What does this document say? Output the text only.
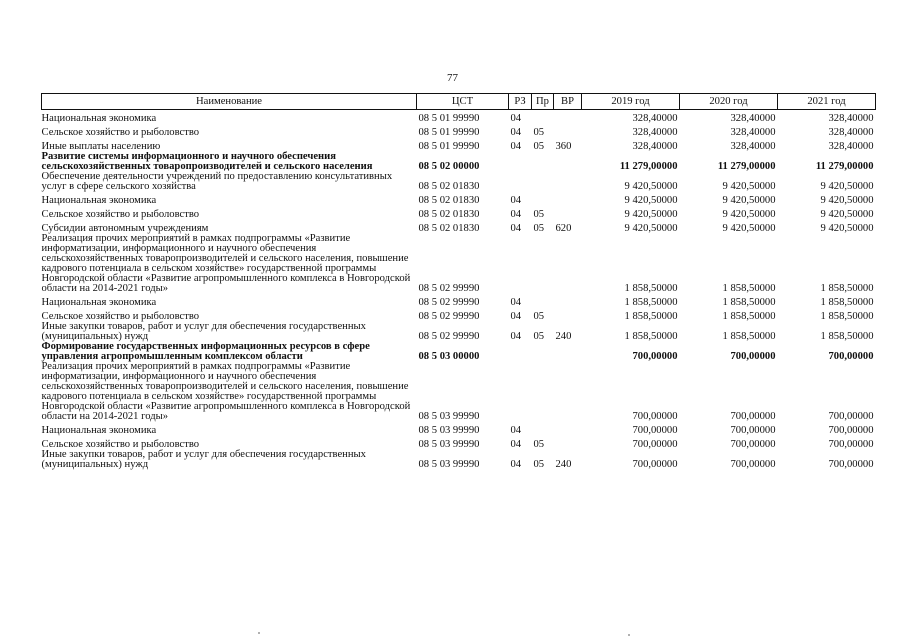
77
Наименование	ЦСТ	РЗ	Пр	ВР	2019 год	2020 год	2021 год
Национальная экономика	08 5 01 99990	04			328,40000	328,40000	328,40000
Сельское хозяйство и рыболовство	08 5 01 99990	04	05		328,40000	328,40000	328,40000
Иные выплаты населению	08 5 01 99990	04	05	360	328,40000	328,40000	328,40000
Развитие системы информационного и научного обеспечения сельскохозяйственных товаропроизводителей и сельского населения	08 5 02 00000				11 279,00000	11 279,00000	11 279,00000
Обеспечение деятельности учреждений по предоставлению консультативных услуг в сфере сельского хозяйства	08 5 02 01830				9 420,50000	9 420,50000	9 420,50000
Национальная экономика	08 5 02 01830	04			9 420,50000	9 420,50000	9 420,50000
Сельское хозяйство и рыболовство	08 5 02 01830	04	05		9 420,50000	9 420,50000	9 420,50000
Субсидии автономным учреждениям	08 5 02 01830	04	05	620	9 420,50000	9 420,50000	9 420,50000
Реализация прочих мероприятий в рамках подпрограммы «Развитие информатизации, информационного и научного обеспечения сельскохозяйственных товаропроизводителей и сельского населения, повышение кадрового потенциала в сельском хозяйстве» государственной программы Новгородской области «Развитие агропромышленного комплекса в Новгородской области на 2014-2021 годы»	08 5 02 99990				1 858,50000	1 858,50000	1 858,50000
Национальная экономика	08 5 02 99990	04			1 858,50000	1 858,50000	1 858,50000
Сельское хозяйство и рыболовство	08 5 02 99990	04	05		1 858,50000	1 858,50000	1 858,50000
Иные закупки товаров, работ и услуг для обеспечения государственных (муниципальных) нужд	08 5 02 99990	04	05	240	1 858,50000	1 858,50000	1 858,50000
Формирование государственных информационных ресурсов в сфере управления агропромышленным комплексом области	08 5 03 00000				700,00000	700,00000	700,00000
Реализация прочих мероприятий в рамках подпрограммы «Развитие информатизации, информационного и научного обеспечения сельскохозяйственных товаропроизводителей и сельского населения, повышение кадрового потенциала в сельском хозяйстве» государственной программы Новгородской области «Развитие агропромышленного комплекса в Новгородской области на 2014-2021 годы»	08 5 03 99990				700,00000	700,00000	700,00000
Национальная экономика	08 5 03 99990	04			700,00000	700,00000	700,00000
Сельское хозяйство и рыболовство	08 5 03 99990	04	05		700,00000	700,00000	700,00000
Иные закупки товаров, работ и услуг для обеспечения государственных (муниципальных) нужд	08 5 03 99990	04	05	240	700,00000	700,00000	700,00000
